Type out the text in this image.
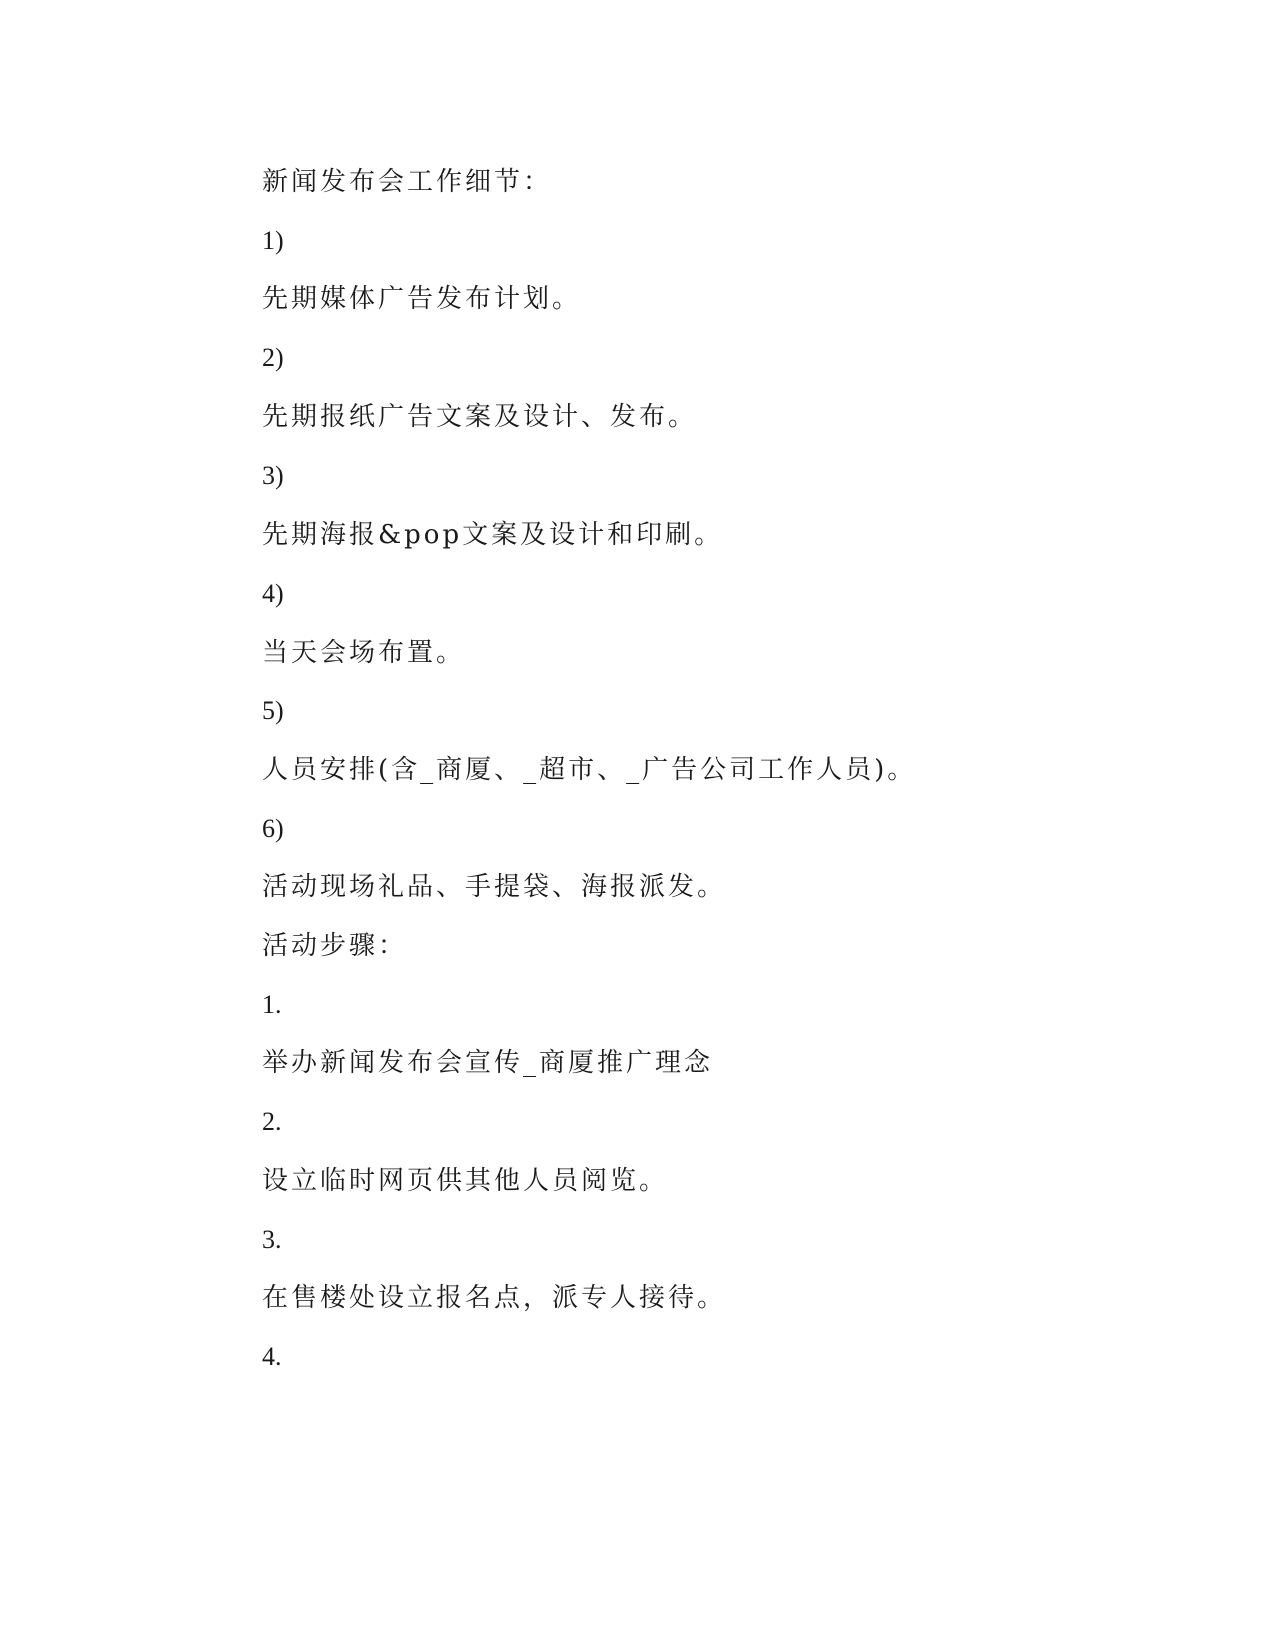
新闻发布会工作细节：
1)
先期媒体广告发布计划。
2)
先期报纸广告文案及设计、发布。
3)
先期海报&pop文案及设计和印刷。
4)
当天会场布置。
5)
人员安排(含_商厦、_超市、_广告公司工作人员)。
6)
活动现场礼品、手提袋、海报派发。
活动步骤：
1.
举办新闻发布会宣传_商厦推广理念
2.
设立临时网页供其他人员阅览。
3.
在售楼处设立报名点，派专人接待。
4.
